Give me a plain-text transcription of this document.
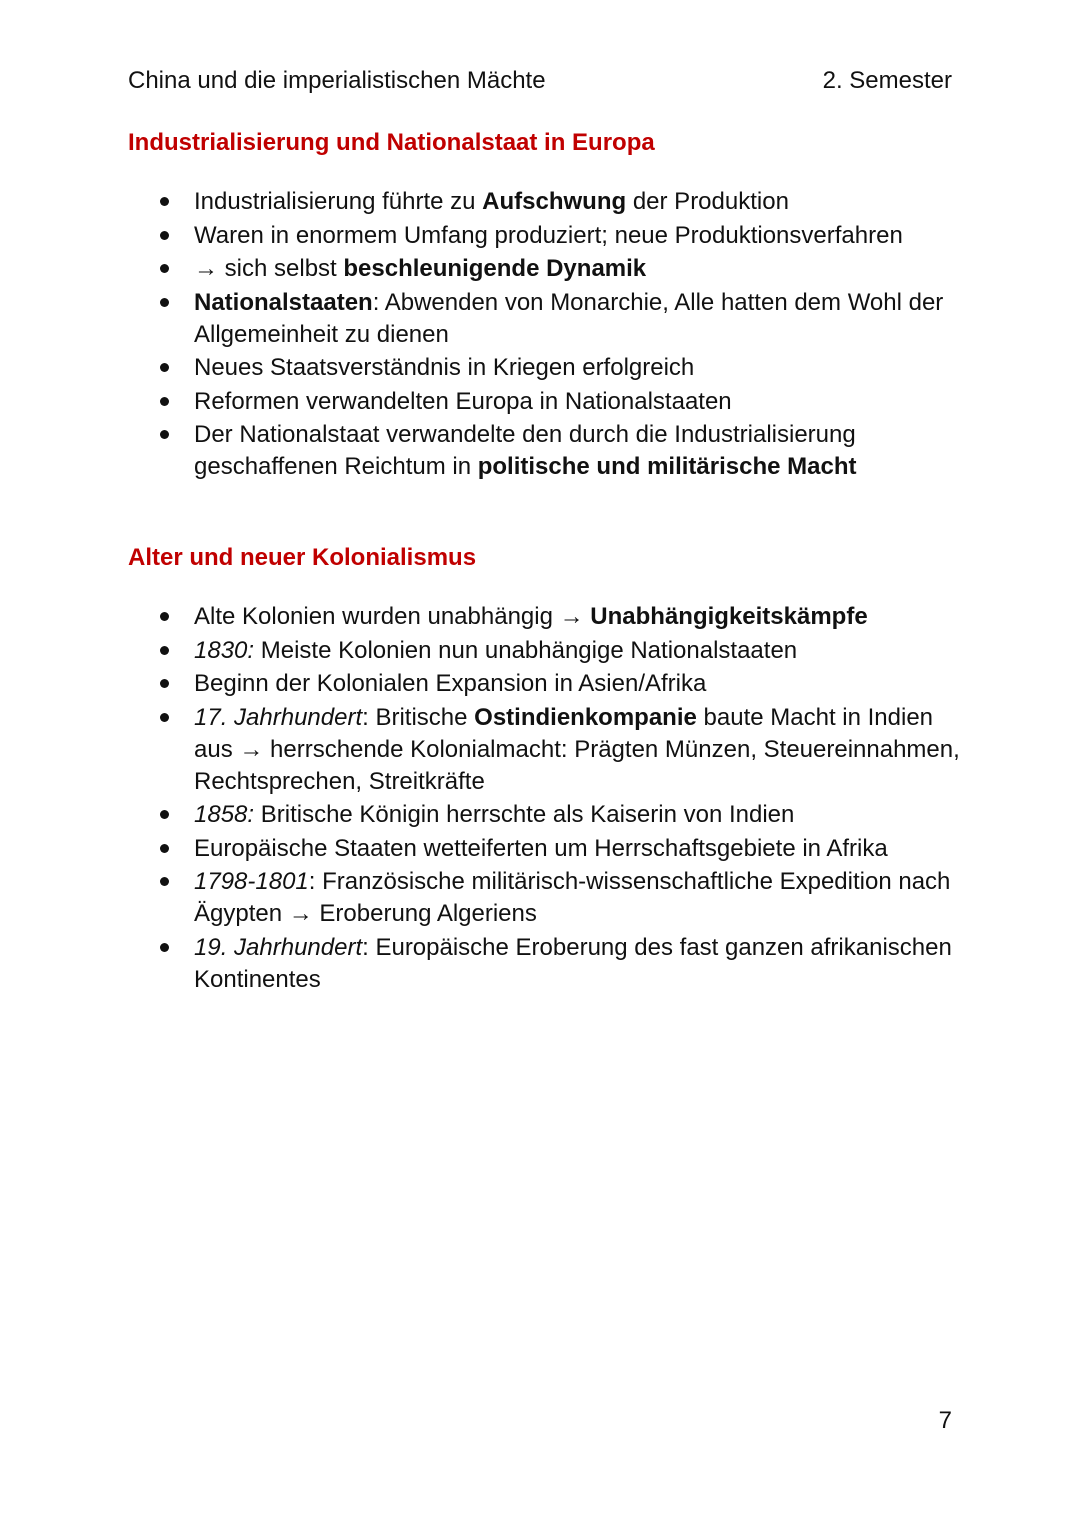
China und die imperialistischen Mächte	2. Semester
Industrialisierung und Nationalstaat in Europa
Industrialisierung führte zu Aufschwung der Produktion
Waren in enormem Umfang produziert; neue Produktionsverfahren
→ sich selbst beschleunigende Dynamik
Nationalstaaten: Abwenden von Monarchie, Alle hatten dem Wohl der Allgemeinheit zu dienen
Neues Staatsverständnis in Kriegen erfolgreich
Reformen verwandelten Europa in Nationalstaaten
Der Nationalstaat verwandelte den durch die Industrialisierung geschaffenen Reichtum in politische und militärische Macht
Alter und neuer Kolonialismus
Alte Kolonien wurden unabhängig → Unabhängigkeitskämpfe
1830: Meiste Kolonien nun unabhängige Nationalstaaten
Beginn der Kolonialen Expansion in Asien/Afrika
17. Jahrhundert: Britische Ostindienkompanie baute Macht in Indien aus → herrschende Kolonialmacht: Prägten Münzen, Steuereinnahmen, Rechtsprechen, Streitkräfte
1858: Britische Königin herrschte als Kaiserin von Indien
Europäische Staaten wetteiferten um Herrschaftsgebiete in Afrika
1798-1801: Französische militärisch-wissenschaftliche Expedition nach Ägypten → Eroberung Algeriens
19. Jahrhundert: Europäische Eroberung des fast ganzen afrikanischen Kontinentes
7
